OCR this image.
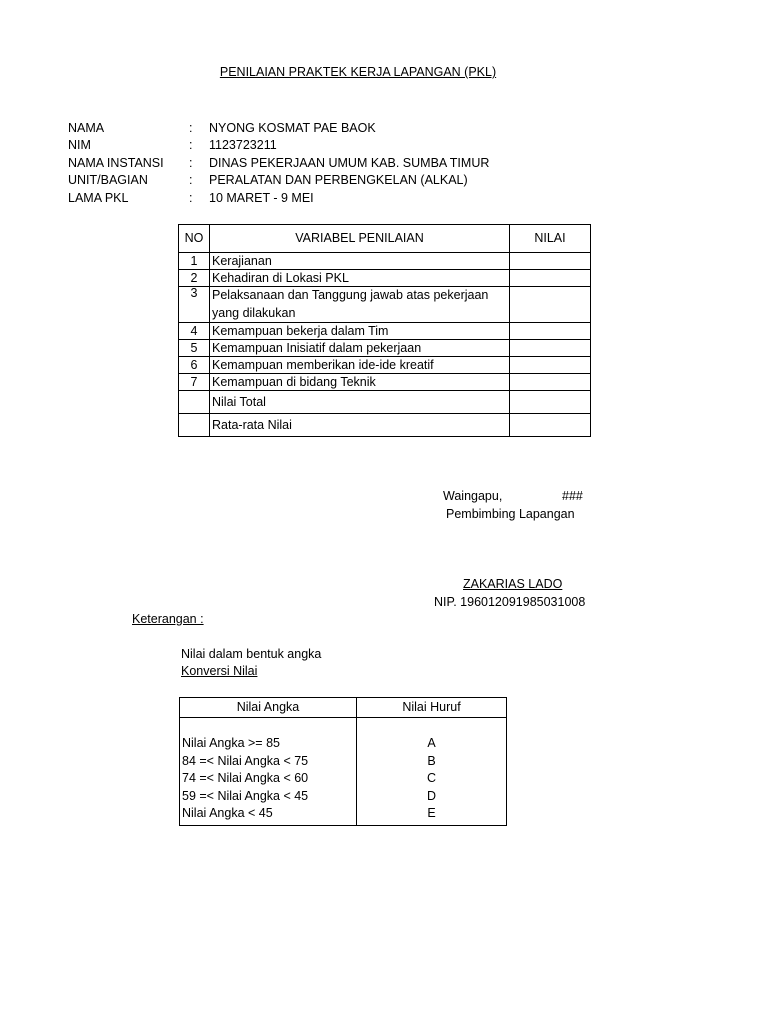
PENILAIAN PRAKTEK KERJA LAPANGAN (PKL)
NAMA	:	NYONG KOSMAT PAE BAOK
NIM	:	1123723211
NAMA INSTANSI	:	DINAS PEKERJAAN UMUM KAB. SUMBA TIMUR
UNIT/BAGIAN	:	PERALATAN DAN PERBENGKELAN (ALKAL)
LAMA PKL	:	10 MARET - 9 MEI
NO	VARIABEL PENILAIAN	NILAI
1	Kerajianan	
2	Kehadiran di Lokasi PKL	
3	Pelaksanaan dan Tanggung jawab atas pekerjaan yang dilakukan	
4	Kemampuan bekerja dalam Tim	
5	Kemampuan Inisiatif dalam pekerjaan	
6	Kemampuan memberikan ide-ide kreatif	
7	Kemampuan di bidang Teknik	
	Nilai Total	
	Rata-rata Nilai	
Waingapu,	###
Pembimbing Lapangan
ZAKARIAS LADO
NIP. 196012091985031008
Keterangan :
Nilai dalam bentuk angka
Konversi Nilai
Nilai Angka	Nilai Huruf

Nilai Angka >= 85	A
84 =< Nilai Angka < 75	B
74 =< Nilai Angka < 60	C
59 =< Nilai Angka < 45	D
Nilai Angka < 45	E
